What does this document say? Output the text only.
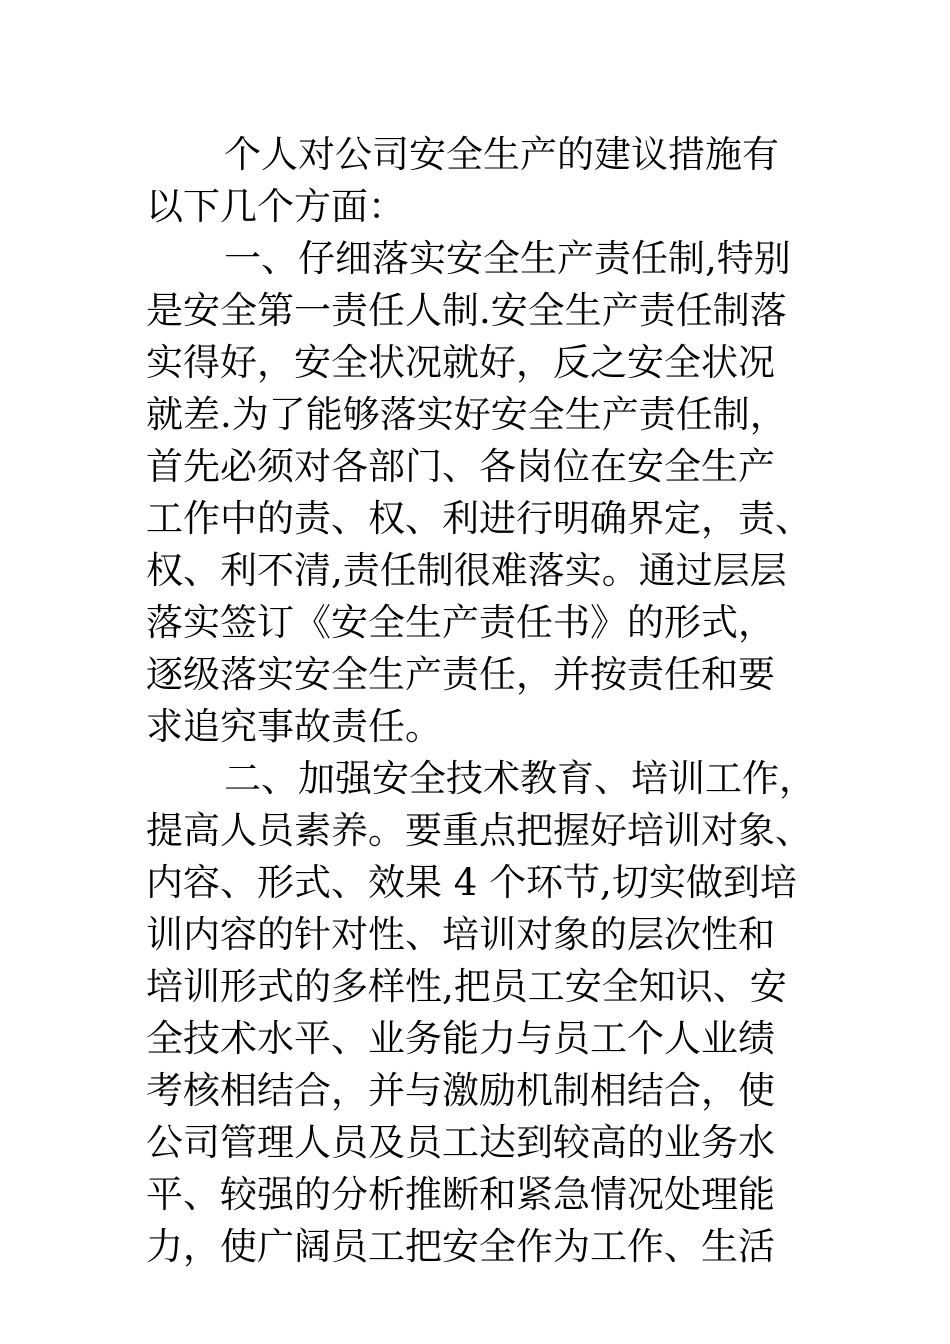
个人对公司安全生产的建议措施有
以下几个方面：
一、仔细落实安全生产责任制,特别
是安全第一责任人制.安全生产责任制落
实得好，安全状况就好，反之安全状况
就差.为了能够落实好安全生产责任制，
首先必须对各部门、各岗位在安全生产
工作中的责、权、利进行明确界定，责、
权、利不清,责任制很难落实。通过层层
落实签订《安全生产责任书》的形式，
逐级落实安全生产责任，并按责任和要
求追究事故责任。
二、加强安全技术教育、培训工作，
提高人员素养。要重点把握好培训对象、
内容、形式、效果 4 个环节,切实做到培
训内容的针对性、培训对象的层次性和
培训形式的多样性,把员工安全知识、安
全技术水平、业务能力与员工个人业绩
考核相结合，并与激励机制相结合，使
公司管理人员及员工达到较高的业务水
平、较强的分析推断和紧急情况处理能
力，使广阔员工把安全作为工作、生活
